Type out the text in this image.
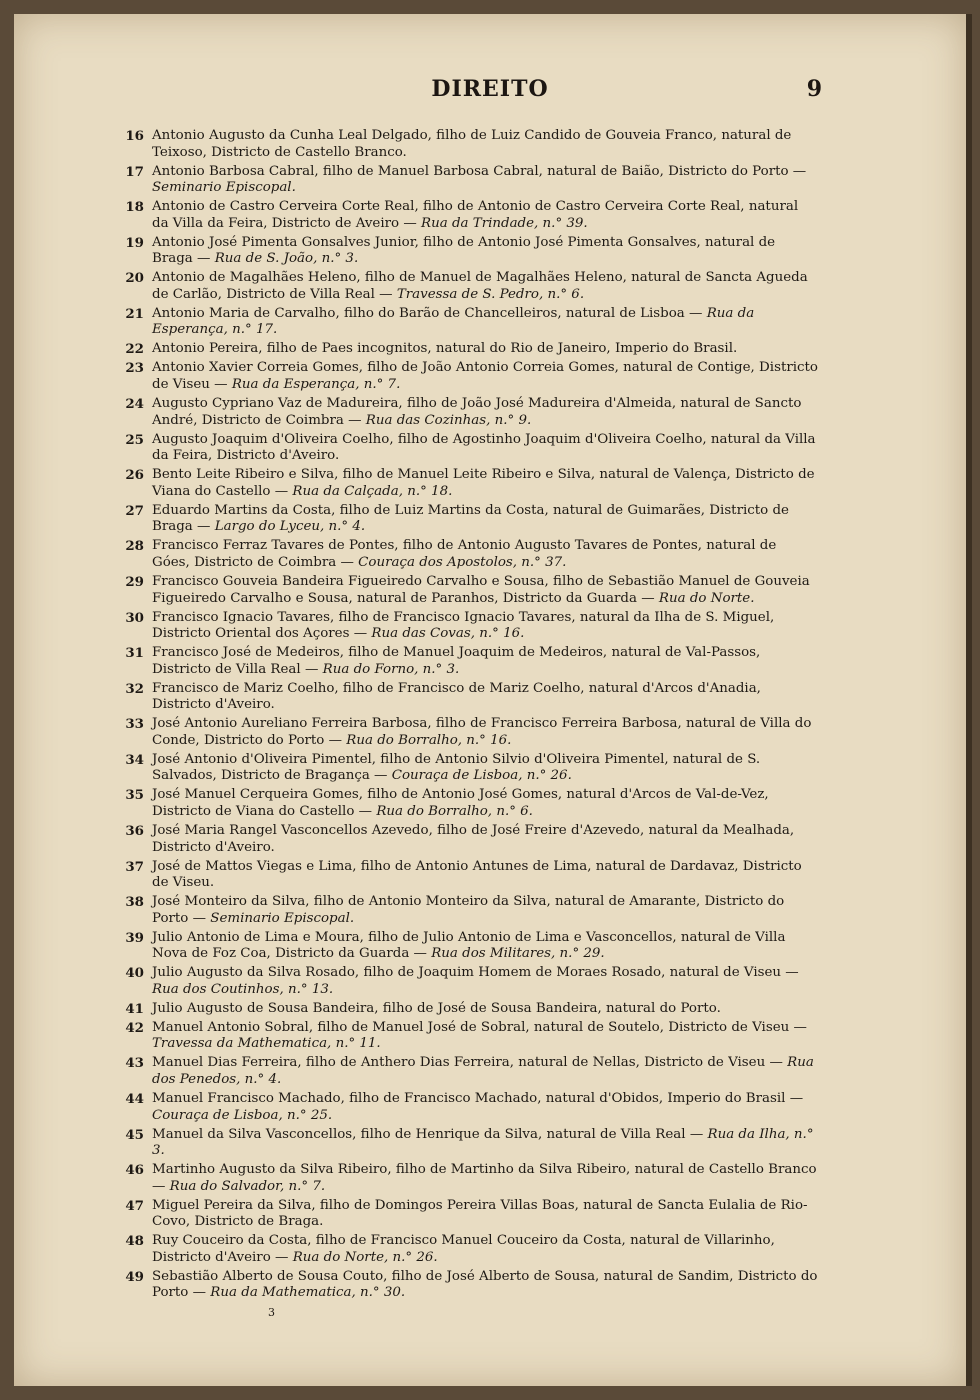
DIREITO	9
16 Antonio Augusto da Cunha Leal Delgado, filho de Luiz Candido de Gouveia Franco, natural de Teixoso, Districto de Castello Branco.
17 Antonio Barbosa Cabral, filho de Manuel Barbosa Cabral, natural de Baião, Districto do Porto — Seminario Episcopal.
18 Antonio de Castro Cerveira Corte Real, filho de Antonio de Castro Cerveira Corte Real, natural da Villa da Feira, Districto de Aveiro — Rua da Trindade, n.° 39.
19 Antonio José Pimenta Gonsalves Junior, filho de Antonio José Pimenta Gonsalves, natural de Braga — Rua de S. João, n.° 3.
20 Antonio de Magalhães Heleno, filho de Manuel de Magalhães Heleno, natural de Sancta Agueda de Carlão, Districto de Villa Real — Travessa de S. Pedro, n.° 6.
21 Antonio Maria de Carvalho, filho do Barão de Chancelleiros, natural de Lisboa — Rua da Esperança, n.° 17.
22 Antonio Pereira, filho de Paes incognitos, natural do Rio de Janeiro, Imperio do Brasil.
23 Antonio Xavier Correia Gomes, filho de João Antonio Correia Gomes, natural de Contige, Districto de Viseu — Rua da Esperança, n.° 7.
24 Augusto Cypriano Vaz de Madureira, filho de João José Madureira d'Almeida, natural de Sancto André, Districto de Coimbra — Rua das Cozinhas, n.° 9.
25 Augusto Joaquim d'Oliveira Coelho, filho de Agostinho Joaquim d'Oliveira Coelho, natural da Villa da Feira, Districto d'Aveiro.
26 Bento Leite Ribeiro e Silva, filho de Manuel Leite Ribeiro e Silva, natural de Valença, Districto de Viana do Castello — Rua da Calçada, n.° 18.
27 Eduardo Martins da Costa, filho de Luiz Martins da Costa, natural de Guimarães, Districto de Braga — Largo do Lyceu, n.° 4.
28 Francisco Ferraz Tavares de Pontes, filho de Antonio Augusto Tavares de Pontes, natural de Góes, Districto de Coimbra — Couraça dos Apostolos, n.° 37.
29 Francisco Gouveia Bandeira Figueiredo Carvalho e Sousa, filho de Sebastião Manuel de Gouveia Figueiredo Carvalho e Sousa, natural de Paranhos, Districto da Guarda — Rua do Norte.
30 Francisco Ignacio Tavares, filho de Francisco Ignacio Tavares, natural da Ilha de S. Miguel, Districto Oriental dos Açores — Rua das Covas, n.° 16.
31 Francisco José de Medeiros, filho de Manuel Joaquim de Medeiros, natural de Val-Passos, Districto de Villa Real — Rua do Forno, n.° 3.
32 Francisco de Mariz Coelho, filho de Francisco de Mariz Coelho, natural d'Arcos d'Anadia, Districto d'Aveiro.
33 José Antonio Aureliano Ferreira Barbosa, filho de Francisco Ferreira Barbosa, natural de Villa do Conde, Districto do Porto — Rua do Borralho, n.° 16.
34 José Antonio d'Oliveira Pimentel, filho de Antonio Silvio d'Oliveira Pimentel, natural de S. Salvados, Districto de Bragança — Couraça de Lisboa, n.° 26.
35 José Manuel Cerqueira Gomes, filho de Antonio José Gomes, natural d'Arcos de Val-de-Vez, Districto de Viana do Castello — Rua do Borralho, n.° 6.
36 José Maria Rangel Vasconcellos Azevedo, filho de José Freire d'Azevedo, natural da Mealhada, Districto d'Aveiro.
37 José de Mattos Viegas e Lima, filho de Antonio Antunes de Lima, natural de Dardavaz, Districto de Viseu.
38 José Monteiro da Silva, filho de Antonio Monteiro da Silva, natural de Amarante, Districto do Porto — Seminario Episcopal.
39 Julio Antonio de Lima e Moura, filho de Julio Antonio de Lima e Vasconcellos, natural de Villa Nova de Foz Coa, Districto da Guarda — Rua dos Militares, n.° 29.
40 Julio Augusto da Silva Rosado, filho de Joaquim Homem de Moraes Rosado, natural de Viseu — Rua dos Coutinhos, n.° 13.
41 Julio Augusto de Sousa Bandeira, filho de José de Sousa Bandeira, natural do Porto.
42 Manuel Antonio Sobral, filho de Manuel José de Sobral, natural de Soutelo, Districto de Viseu — Travessa da Mathematica, n.° 11.
43 Manuel Dias Ferreira, filho de Anthero Dias Ferreira, natural de Nellas, Districto de Viseu — Rua dos Penedos, n.° 4.
44 Manuel Francisco Machado, filho de Francisco Machado, natural d'Obidos, Imperio do Brasil — Couraça de Lisboa, n.° 25.
45 Manuel da Silva Vasconcellos, filho de Henrique da Silva, natural de Villa Real — Rua da Ilha, n.° 3.
46 Martinho Augusto da Silva Ribeiro, filho de Martinho da Silva Ribeiro, natural de Castello Branco — Rua do Salvador, n.° 7.
47 Miguel Pereira da Silva, filho de Domingos Pereira Villas Boas, natural de Sancta Eulalia de Rio-Covo, Districto de Braga.
48 Ruy Couceiro da Costa, filho de Francisco Manuel Couceiro da Costa, natural de Villarinho, Districto d'Aveiro — Rua do Norte, n.° 26.
49 Sebastião Alberto de Sousa Couto, filho de José Alberto de Sousa, natural de Sandim, Districto do Porto — Rua da Mathematica, n.° 30.
3
